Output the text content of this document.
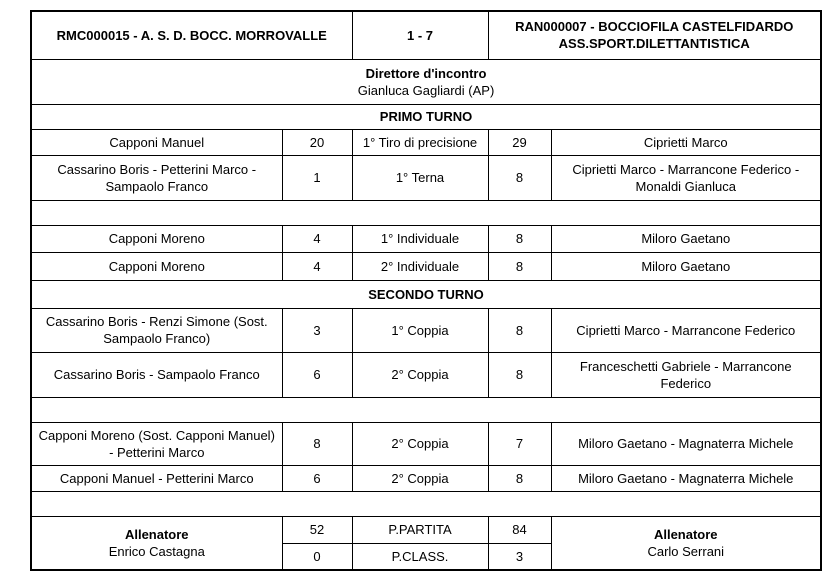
RMC000015 - A. S. D. BOCC. MORROVALLE		1 - 7	RAN000007 - BOCCIOFILA CASTELFIDARDO
ASS.SPORT.DILETTANTISTICA	

Direttore d'incontro
Gianluca Gagliardi (AP)				

PRIMO TURNO				
Capponi Manuel	20	1° Tiro di precisione	29	Ciprietti Marco
Cassarino Boris - Petterini Marco - Sampaolo Franco	1	1° Terna	8	Ciprietti Marco - Marrancone Federico - Monaldi Gianluca

Capponi Moreno	4	1° Individuale	8	Miloro Gaetano
Capponi Moreno	4	2° Individuale	8	Miloro Gaetano
SECONDO TURNO				
Cassarino Boris - Renzi Simone (Sost. Sampaolo Franco)	3	1° Coppia	8	Ciprietti Marco - Marrancone Federico
Cassarino Boris - Sampaolo Franco	6	2° Coppia	8	Franceschetti Gabriele - Marrancone Federico

Capponi Moreno (Sost. Capponi Manuel) - Petterini Marco	8	2° Coppia	7	Miloro Gaetano - Magnaterra Michele
Capponi Manuel - Petterini Marco	6	2° Coppia	8	Miloro Gaetano - Magnaterra Michele

Allenatore
Enrico Castagna
	52	P.PARTITA	84	Allenatore
Carlo Serrani

	0	P.CLASS.	3	
